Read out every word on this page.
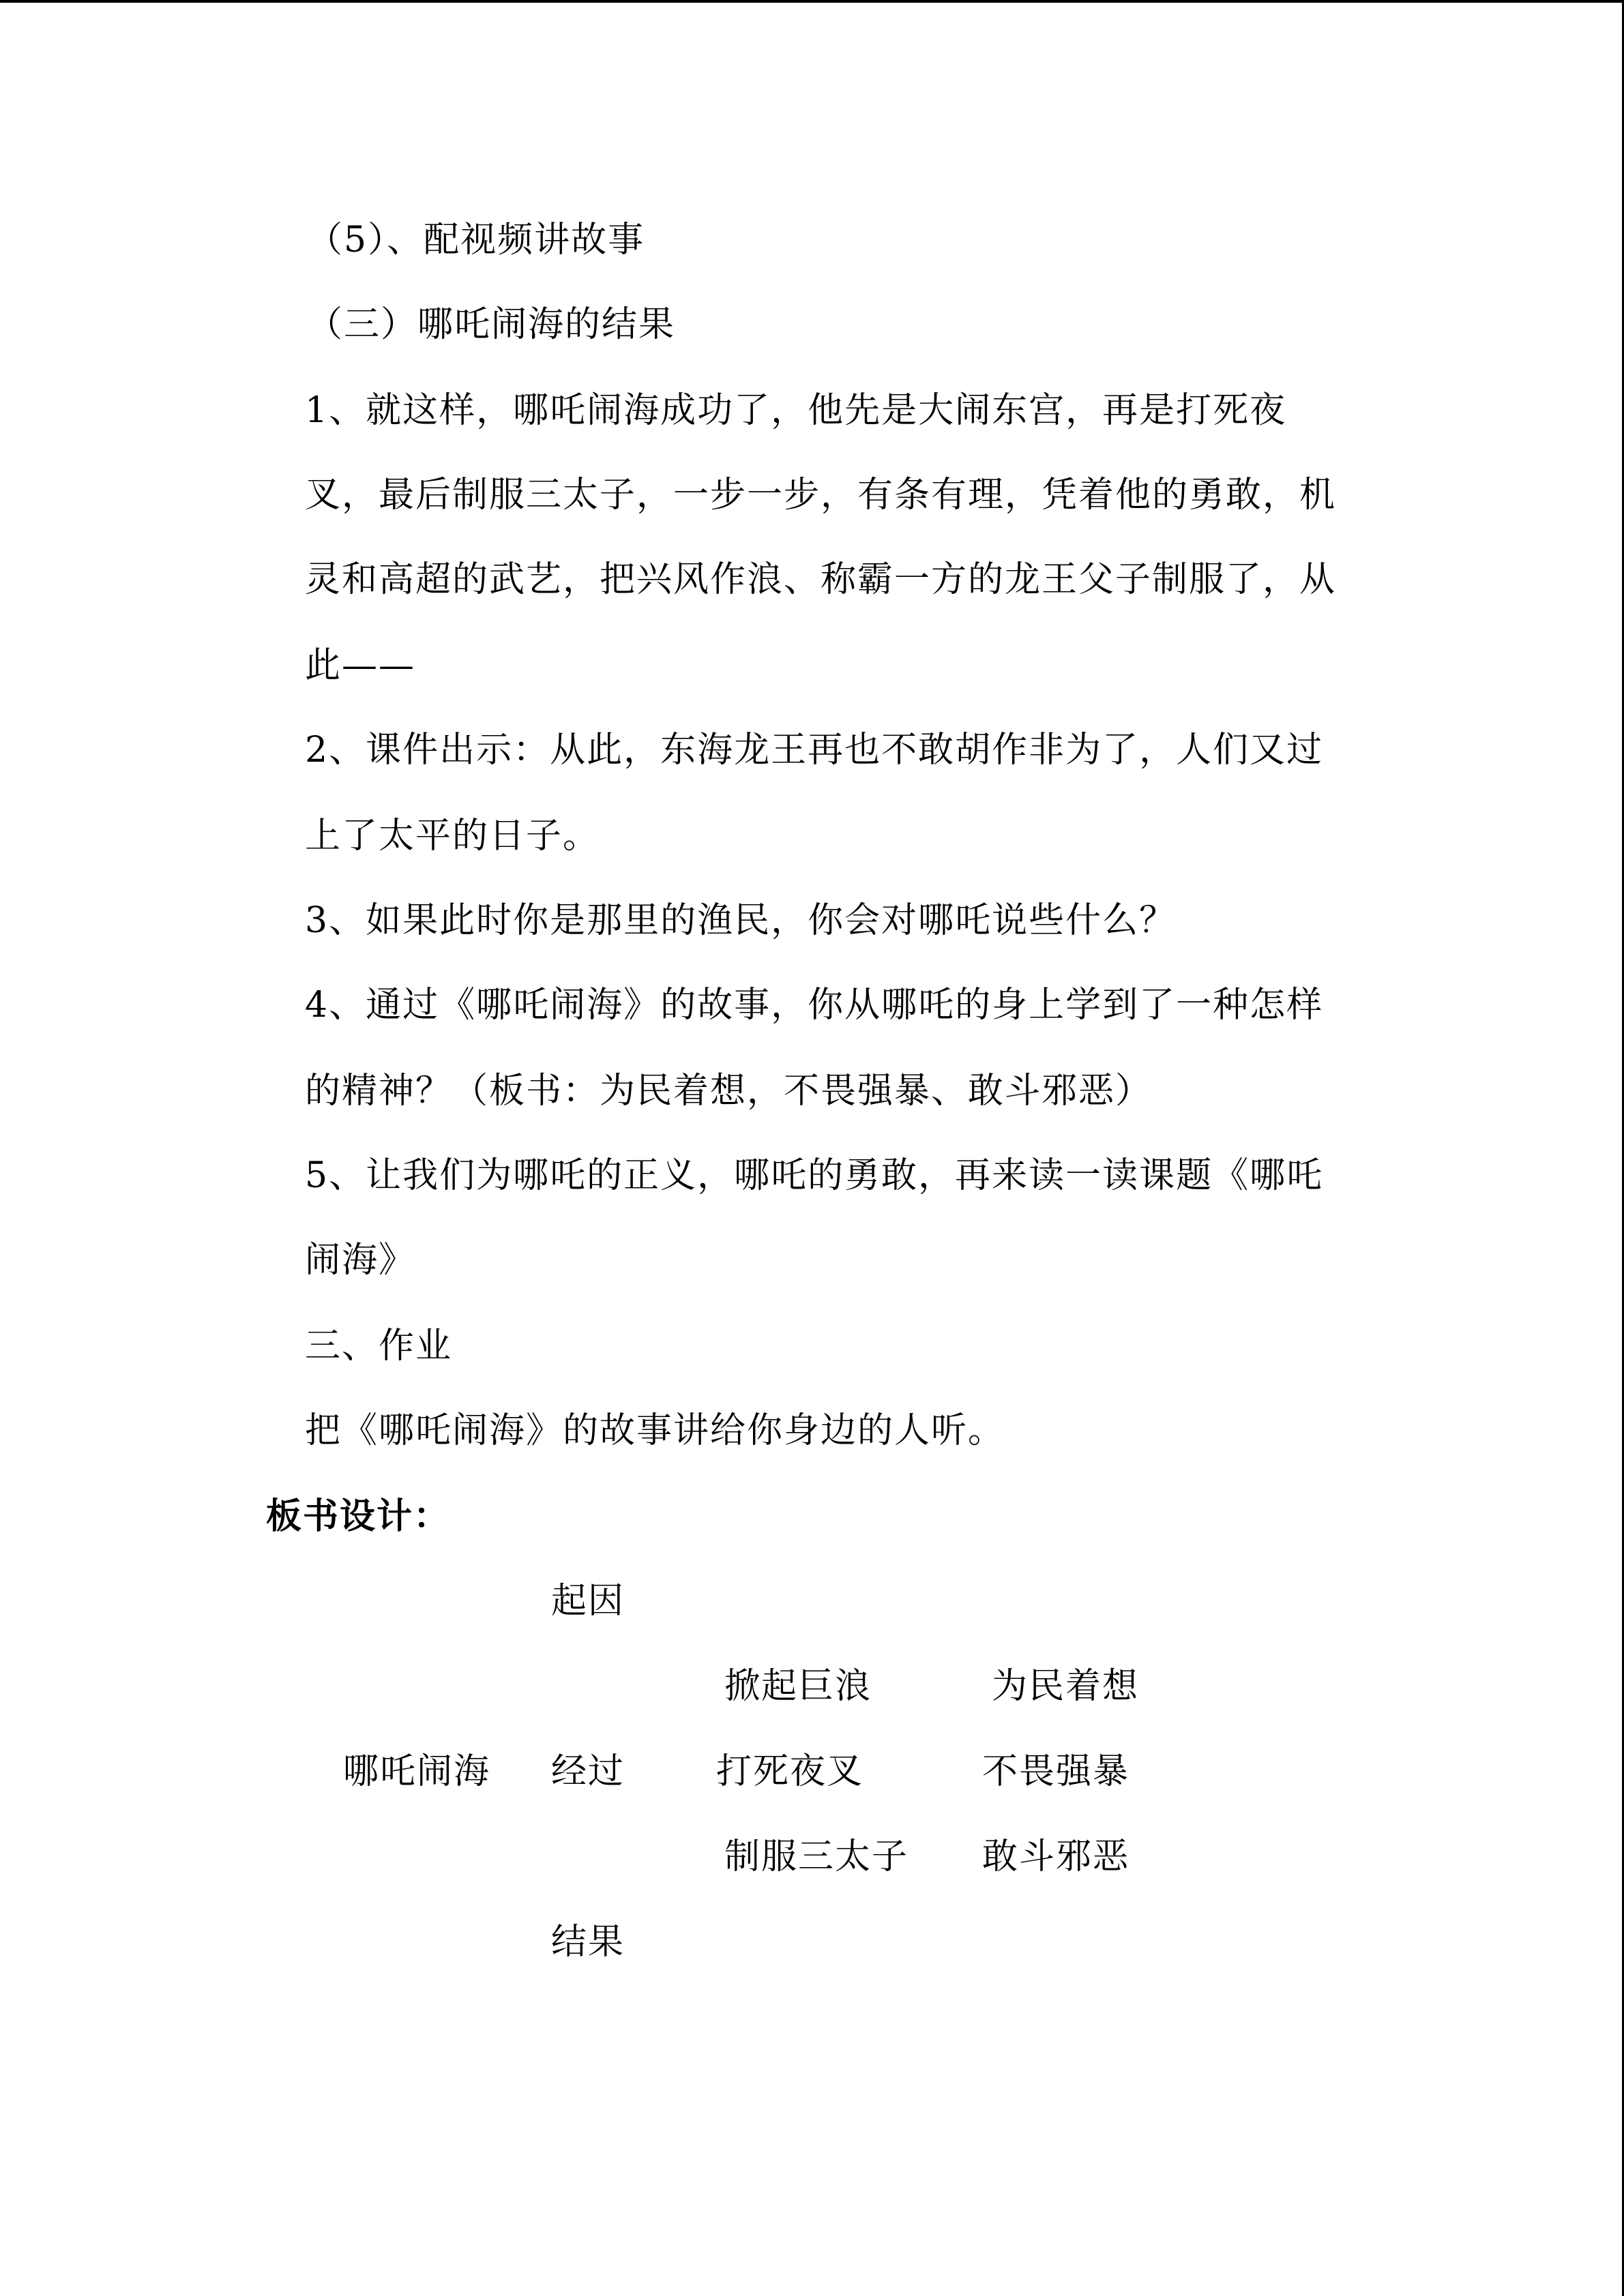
（5）、配视频讲故事
（三）哪吒闹海的结果
1、就这样，哪吒闹海成功了，他先是大闹东宫，再是打死夜
叉，最后制服三太子，一步一步，有条有理，凭着他的勇敢，机
灵和高超的武艺，把兴风作浪、称霸一方的龙王父子制服了，从
此——
2、课件出示：从此，东海龙王再也不敢胡作非为了，人们又过
上了太平的日子。
3、如果此时你是那里的渔民，你会对哪吒说些什么？
4、通过《哪吒闹海》的故事，你从哪吒的身上学到了一种怎样
的精神？（板书：为民着想，不畏强暴、敢斗邪恶）
5、让我们为哪吒的正义，哪吒的勇敢，再来读一读课题《哪吒
闹海》
三、作业
把《哪吒闹海》的故事讲给你身边的人听。
板书设计：
起因
掀起巨浪	为民着想
哪吒闹海 经过	打死夜叉	不畏强暴
制服三太子 敢斗邪恶
结果
